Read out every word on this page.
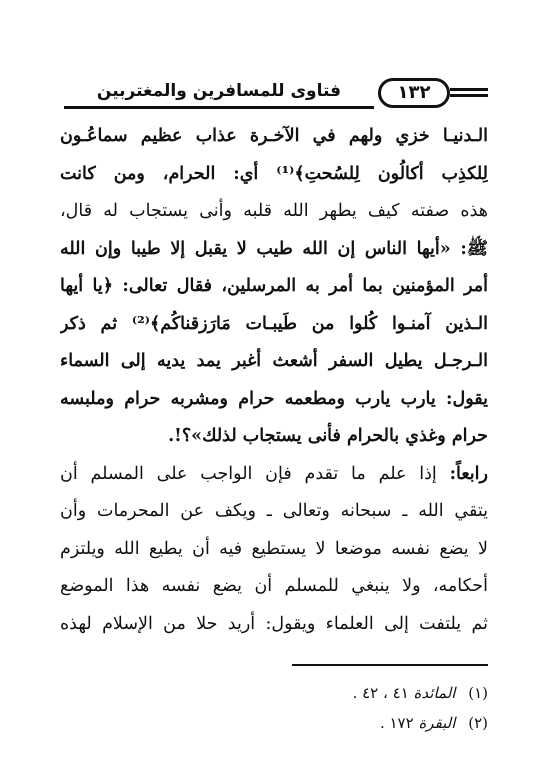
١٣٢
فتاوى للمسافرين والمغتربين
الـدنيـا خزي ولهم في الآخـرة عذاب عظيم سماعُـون
لِلكذِب أكالُون لِلسُحتِ﴾⁽¹⁾ أي: الحرام، ومن كانت
هذه صفته كيف يطهر الله قلبه وأنى يستجاب له قال،
ﷺ: «أيها الناس إن الله طيب لا يقبل إلا طيبا وإن الله
أمر المؤمنين بما أمر به المرسلين، فقال تعالى: ﴿يا أيها
الـذين آمنـوا كُلوا من طَيبـات مَارَزقناكُم﴾⁽²⁾ ثم ذكر
الـرجـل يطيل السفر أشعث أغبر يمد يديه إلى السماء
يقول: يارب يارب ومطعمه حرام ومشربه حرام وملبسه
حرام وغذي بالحرام فأنى يستجاب لذلك»؟!.
رابعاً: إذا علم ما تقدم فإن الواجب على المسلم أن
يتقي الله ـ سبحانه وتعالى ـ ويكف عن المحرمات وأن
لا يضع نفسه موضعا لا يستطيع فيه أن يطيع الله ويلتزم
أحكامه، ولا ينبغي للمسلم أن يضع نفسه هذا الموضع
ثم يلتفت إلى العلماء ويقول: أريد حلا من الإسلام لهذه
(١) المائدة ٤١ ، ٤٢ .
(٢) البقرة ١٧٢ .
